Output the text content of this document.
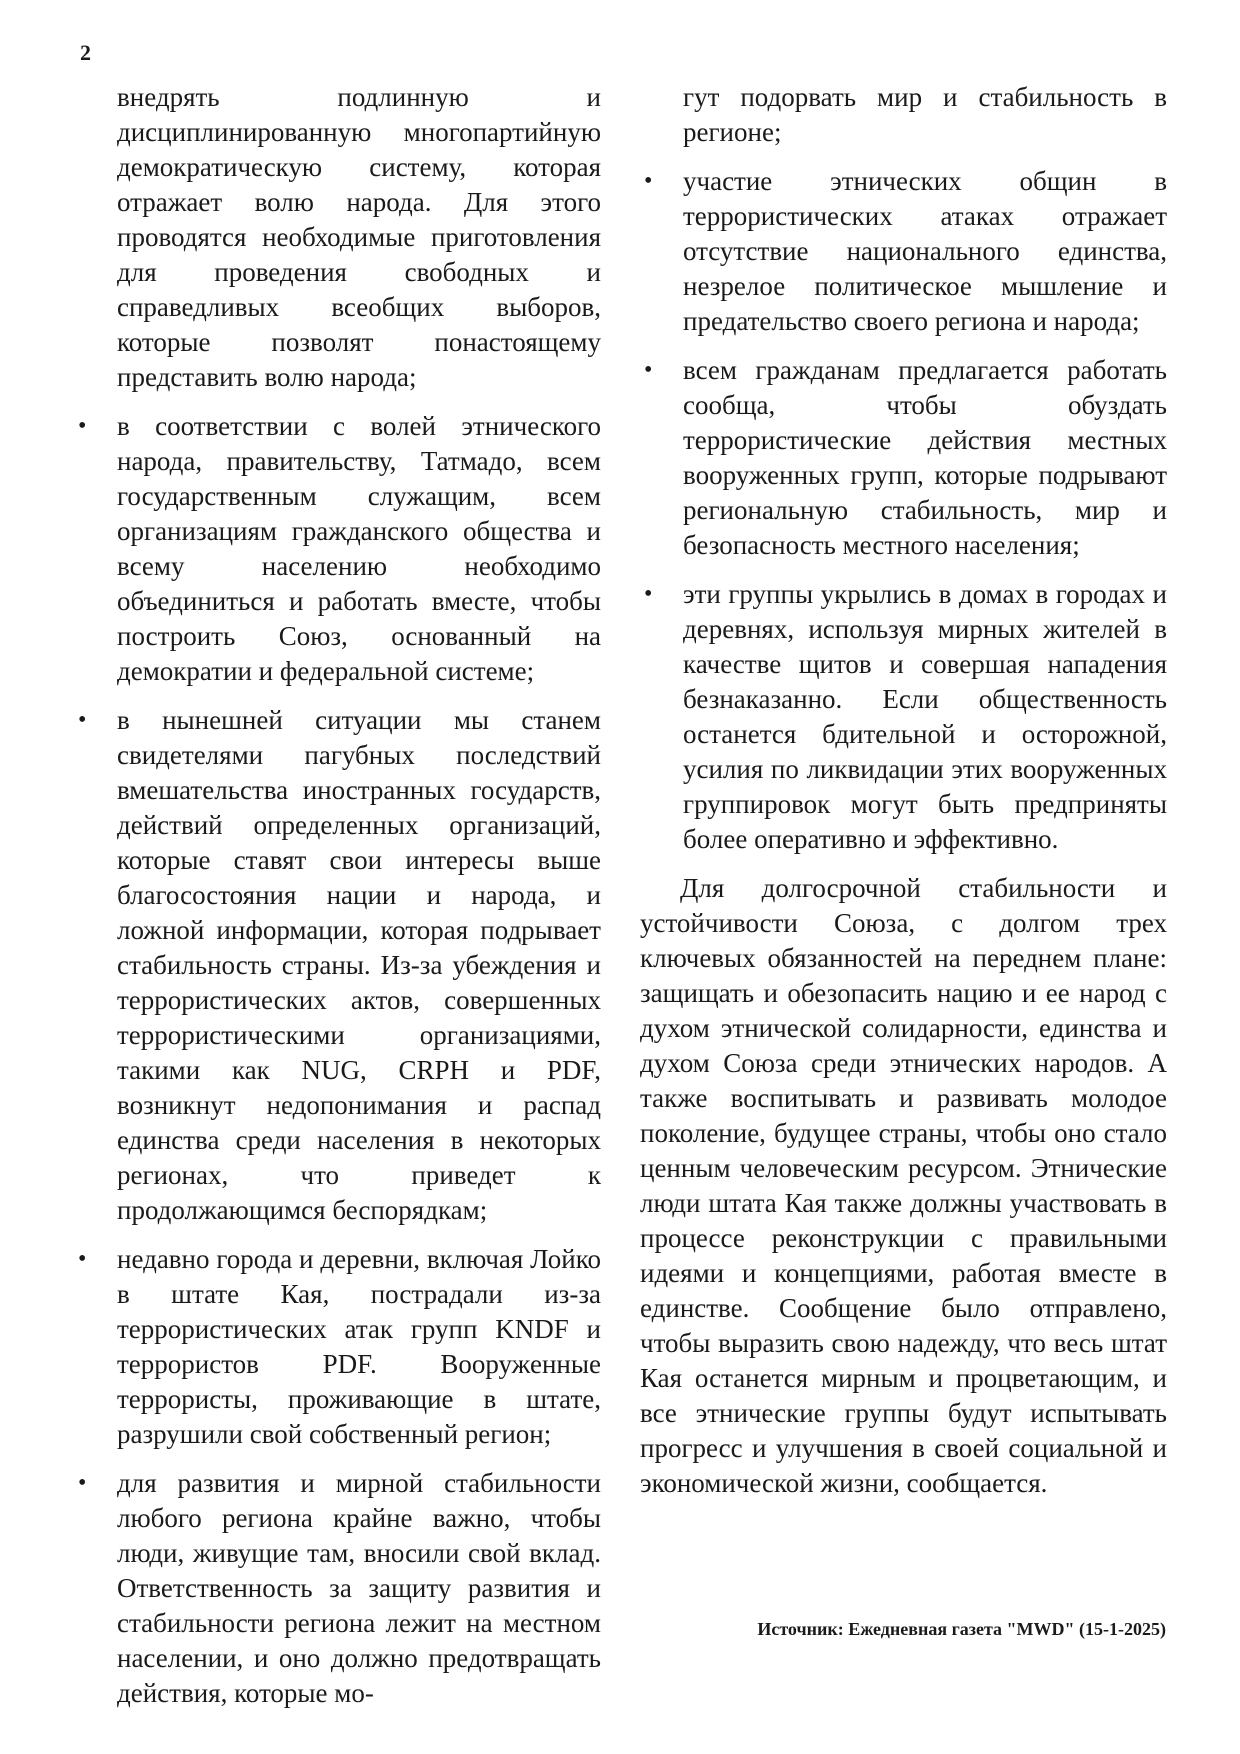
2

внедрять подлинную и дисциплинированную многопартийную демократическую систему, которая отражает волю народа. Для этого проводятся необходимые приготовления для проведения свободных и справедливых всеобщих выборов, которые позволят понастоящему представить волю народа;

• в соответствии с волей этнического народа, правительству, Татмадо, всем государственным служащим, всем организациям гражданского общества и всему населению необходимо объединиться и работать вместе, чтобы построить Союз, основанный на демократии и федеральной системе;
• в нынешней ситуации мы станем свидетелями пагубных последствий вмешательства иностранных государств, действий определенных организаций, которые ставят свои интересы выше благосостояния нации и народа, и ложной информации, которая подрывает стабильность страны. Из-за убеждения и террористических актов, совершенных террористическими организациями, такими как NUG, CRPH и PDF, возникнут недопонимания и распад единства среди населения в некоторых регионах, что приведет к продолжающимся беспорядкам;
• недавно города и деревни, включая Лойко в штате Кая, пострадали из-за террористических атак групп KNDF и террористов PDF. Вооруженные террористы, проживающие в штате, разрушили свой собственный регион;
• для развития и мирной стабильности любого региона крайне важно, чтобы люди, живущие там, вносили свой вклад. Ответственность за защиту развития и стабильности региона лежит на местном населении, и оно должно предотвращать действия, которые мо-

гут подорвать мир и стабильность в регионе;

• участие этнических общин в террористических атаках отражает отсутствие национального единства, незрелое политическое мышление и предательство своего региона и народа;
• всем гражданам предлагается работать сообща, чтобы обуздать террористические действия местных вооруженных групп, которые подрывают региональную стабильность, мир и безопасность местного населения;
• эти группы укрылись в домах в городах и деревнях, используя мирных жителей в качестве щитов и совершая нападения безнаказанно. Если общественность останется бдительной и осторожной, усилия по ликвидации этих вооруженных группировок могут быть предприняты более оперативно и эффективно.

Для долгосрочной стабильности и устойчивости Союза, с долгом трех ключевых обязанностей на переднем плане: защищать и обезопасить нацию и ее народ с духом этнической солидарности, единства и духом Союза среди этнических народов. А также воспитывать и развивать молодое поколение, будущее страны, чтобы оно стало ценным человеческим ресурсом. Этнические люди штата Кая также должны участвовать в процессе реконструкции с правильными идеями и концепциями, работая вместе в единстве. Сообщение было отправлено, чтобы выразить свою надежду, что весь штат Кая останется мирным и процветающим, и все этнические группы будут испытывать прогресс и улучшения в своей социальной и экономической жизни, сообщается.

Источник: Ежедневная газета "MWD" (15-1-2025)
